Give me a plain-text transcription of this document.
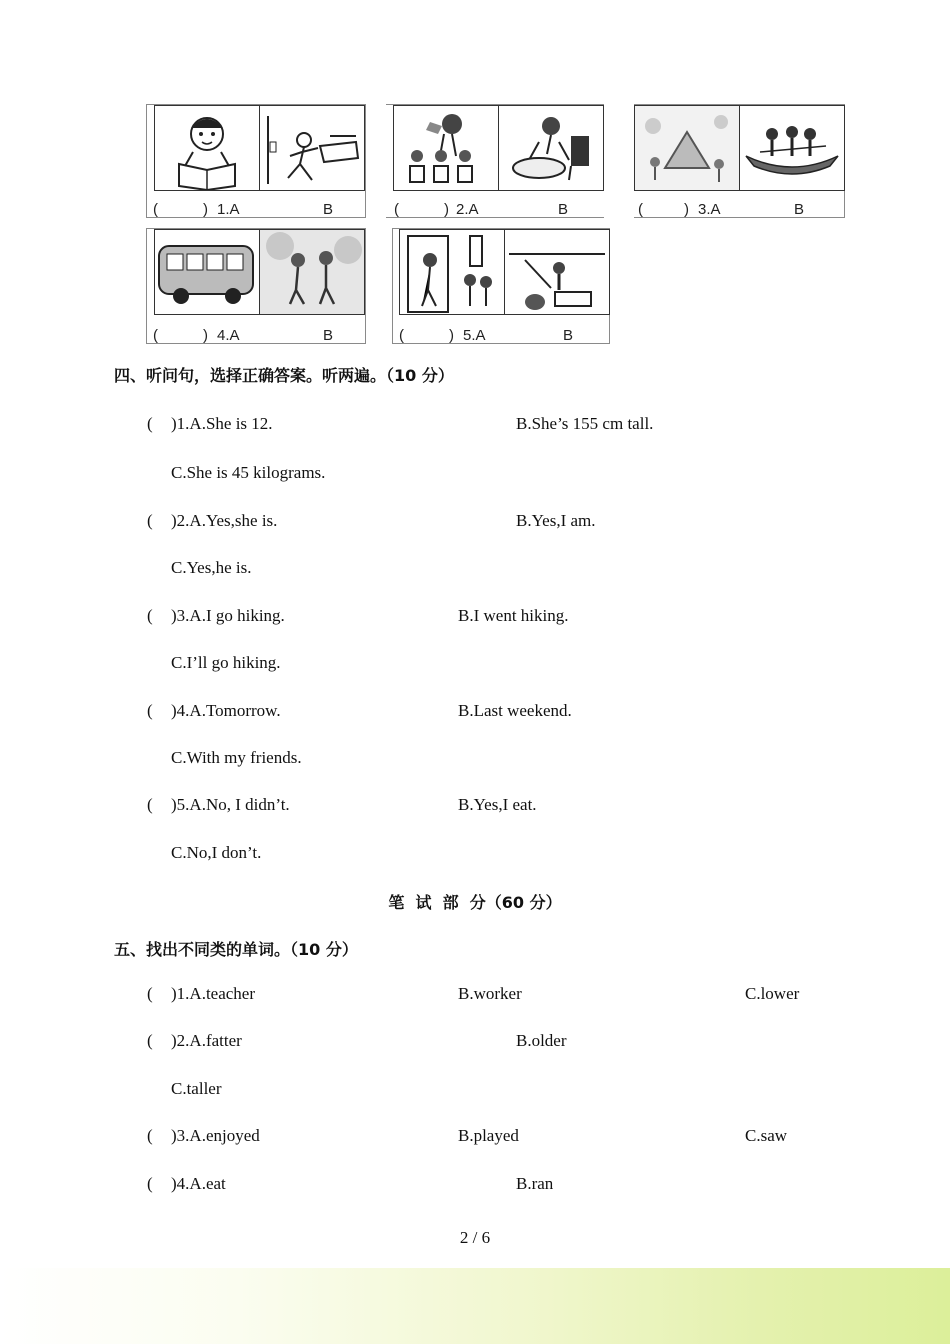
(	) 1.A	B	(	) 2.A	B	(	) 3.A	B
(	) 4.A	B	(	) 5.A	B
四、听问句，选择正确答案。听两遍。（10 分）
( )1.A.She is 12.	B.She’s 155 cm tall.
C.She is 45 kilograms.
( )2.A.Yes,she is.	B.Yes,I am.
C.Yes,he is.
( )3.A.I go hiking.	B.I went hiking.
C.I’ll go hiking.
( )4.A.Tomorrow.	B.Last weekend.
C.With my friends.
( )5.A.No, I didn’t.	B.Yes,I eat.
C.No,I don’t.
笔  试  部  分（60 分）
五、找出不同类的单词。（10 分）
( )1.A.teacher	B.worker	C.lower
( )2.A.fatter	B.older
C.taller
( )3.A.enjoyed	B.played	C.saw
( )4.A.eat	B.ran
2 / 6
